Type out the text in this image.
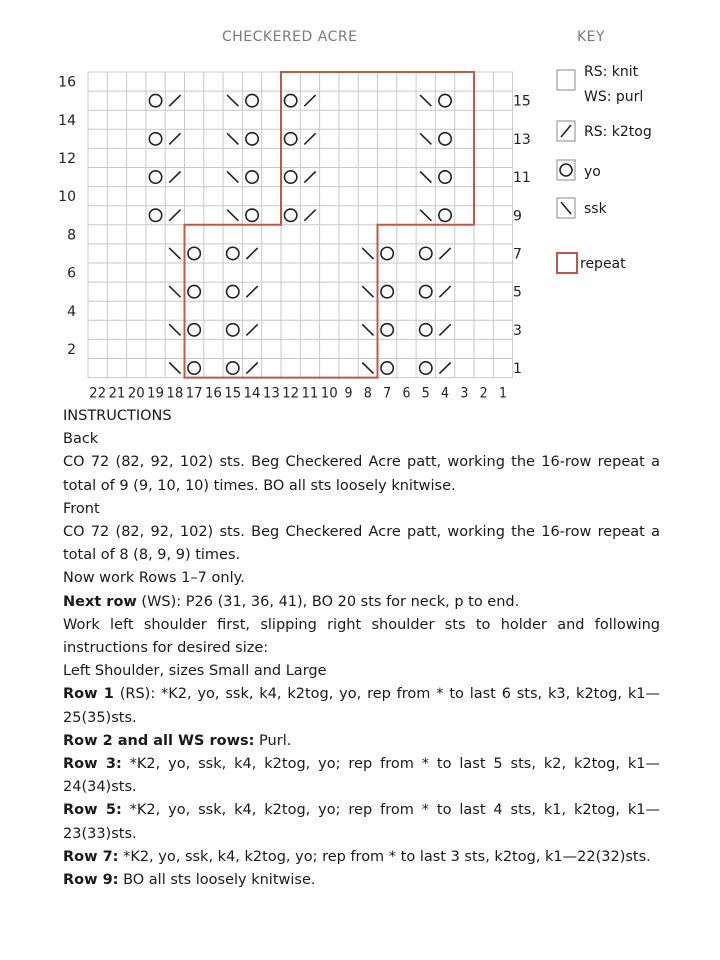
CHECKERED ACRE	KEY
16
14
12
10
8
6
4
2
15
13
11
9
7
5
3
1
22 21 20 19 18 17 16 15 14 13 12 11 10 9 8 7 6 5 4 3 2 1
RS: knit
WS: purl
RS: k2tog
yo
ssk
repeat

INSTRUCTIONS

Back

CO 72 (82, 92, 102) sts. Beg Checkered Acre patt, working the 16-row repeat a total of 9 (9, 10, 10) times. BO all sts loosely knitwise.

Front

CO 72 (82, 92, 102) sts. Beg Checkered Acre patt, working the 16-row repeat a total of 8 (8, 9, 9) times.

Now work Rows 1–7 only.

Next row (WS): P26 (31, 36, 41), BO 20 sts for neck, p to end.

Work left shoulder first, slipping right shoulder sts to holder and following instructions for desired size:

Left Shoulder, sizes Small and Large

Row 1 (RS): *K2, yo, ssk, k4, k2tog, yo, rep from * to last 6 sts, k3, k2tog, k1—25(35)sts.

Row 2 and all WS rows: Purl.

Row 3: *K2, yo, ssk, k4, k2tog, yo; rep from * to last 5 sts, k2, k2tog, k1—24(34)sts.

Row 5: *K2, yo, ssk, k4, k2tog, yo; rep from * to last 4 sts, k1, k2tog, k1—23(33)sts.

Row 7: *K2, yo, ssk, k4, k2tog, yo; rep from * to last 3 sts, k2tog, k1—22(32)sts.

Row 9: BO all sts loosely knitwise.
